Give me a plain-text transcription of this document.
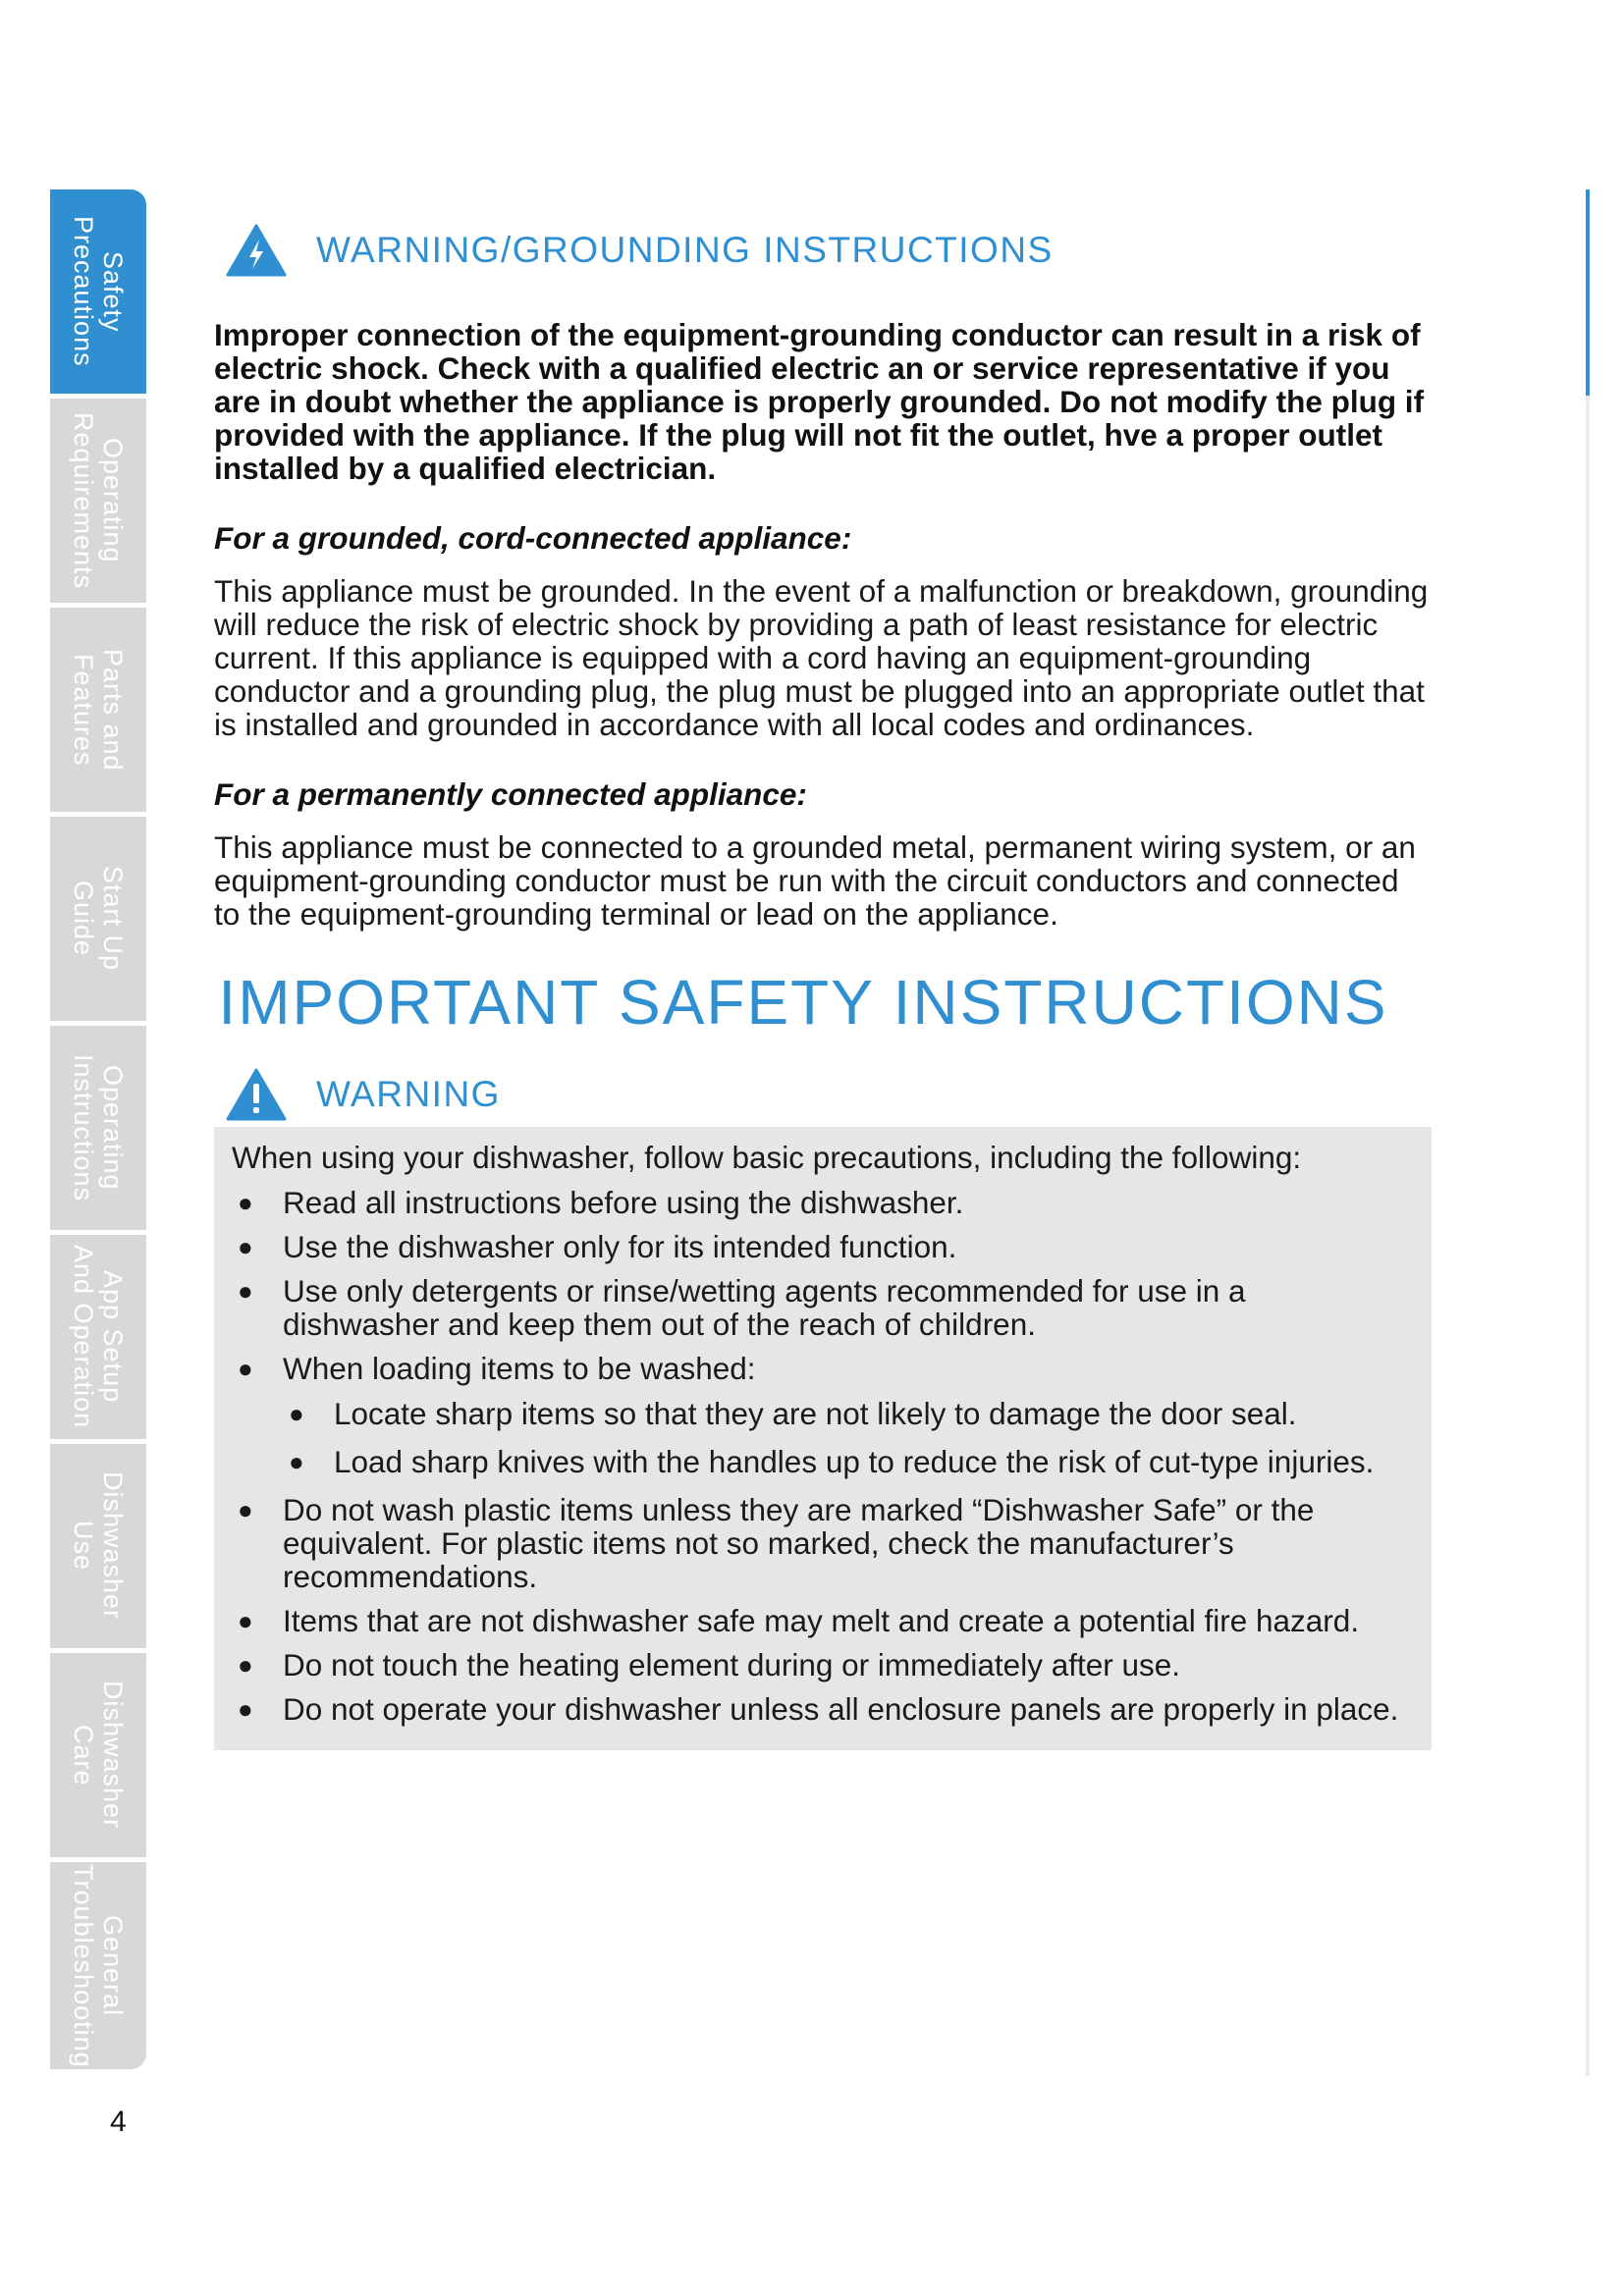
Safety
Precautions
Operating
Requirements
Parts and
Features
Start Up
Guide
Operating
Instructions
App Setup
And Operation
Dishwasher
Use
Dishwasher
Care
General
Troubleshooting
4
WARNING/GROUNDING INSTRUCTIONS
Improper connection of the equipment-grounding conductor can result in a risk of electric shock. Check with a qualified electric an or service representative if you are in doubt whether the appliance is properly grounded. Do not modify the plug if provided with the appliance. If the plug will not fit the outlet, hve a proper outlet installed by a qualified electrician.
For a grounded, cord-connected appliance:
This appliance must be grounded. In the event of a malfunction or breakdown, grounding will reduce the risk of electric shock by providing a path of least resistance for electric current. If this appliance is equipped with a cord having an equipment-grounding conductor and a grounding plug, the plug must be plugged into an appropriate outlet that is installed and grounded in accordance with all local codes and ordinances.
For a permanently connected appliance:
This appliance must be connected to a grounded metal, permanent wiring system, or an equipment-grounding conductor must be run with the circuit conductors and connected to the equipment-grounding terminal or lead on the appliance.
IMPORTANT SAFETY INSTRUCTIONS
WARNING
When using your dishwasher, follow basic precautions, including the following:
● Read all instructions before using the dishwasher.
● Use the dishwasher only for its intended function.
● Use only detergents or rinse/wetting agents recommended for use in a dishwasher and keep them out of the reach of children.
● When loading items to be washed:
● Locate sharp items so that they are not likely to damage the door seal.
● Load sharp knives with the handles up to reduce the risk of cut-type injuries.
● Do not wash plastic items unless they are marked “Dishwasher Safe” or the equivalent. For plastic items not so marked, check the manufacturer’s recommendations.
● Items that are not dishwasher safe may melt and create a potential fire hazard.
● Do not touch the heating element during or immediately after use.
● Do not operate your dishwasher unless all enclosure panels are properly in place.
